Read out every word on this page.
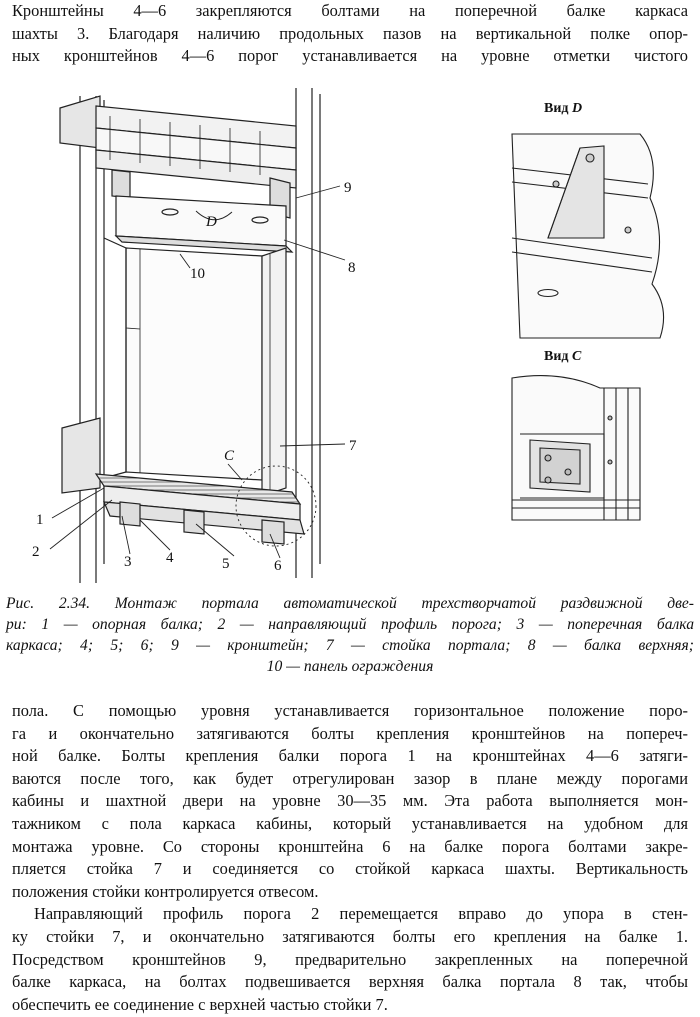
Кронштейны 4—6 закрепляются болтами на поперечной балке каркаса
шахты 3. Благодаря наличию продольных пазов на вертикальной полке опор-
ных кронштейнов 4—6 порог устанавливается на уровне отметки чистого
1
2
3 4	5	6
7
8
9
10
D
C
Вид D
Вид C
Рис. 2.34. Монтаж портала автоматической трехстворчатой раздвижной две-
ри: 1 — опорная балка; 2 — направляющий профиль порога; 3 — поперечная балка
каркаса; 4; 5; 6; 9 — кронштейн; 7 — стойка портала; 8 — балка верхняя;
10 — панель ограждения
пола. С помощью уровня устанавливается горизонтальное положение поро-
га и окончательно затягиваются болты крепления кронштейнов на попереч-
ной балке. Болты крепления балки порога 1 на кронштейнах 4—6 затяги-
ваются после того, как будет отрегулирован зазор в плане между порогами
кабины и шахтной двери на уровне 30—35 мм. Эта работа выполняется мон-
тажником с пола каркаса кабины, который устанавливается на удобном для
монтажа уровне. Со стороны кронштейна 6 на балке порога болтами закре-
пляется стойка 7 и соединяется со стойкой каркаса шахты. Вертикальность
положения стойки контролируется отвесом.
Направляющий профиль порога 2 перемещается вправо до упора в стен-
ку стойки 7, и окончательно затягиваются болты его крепления на балке 1.
Посредством кронштейнов 9, предварительно закрепленных на поперечной
балке каркаса, на болтах подвешивается верхняя балка портала 8 так, чтобы
обеспечить ее соединение с верхней частью стойки 7.
